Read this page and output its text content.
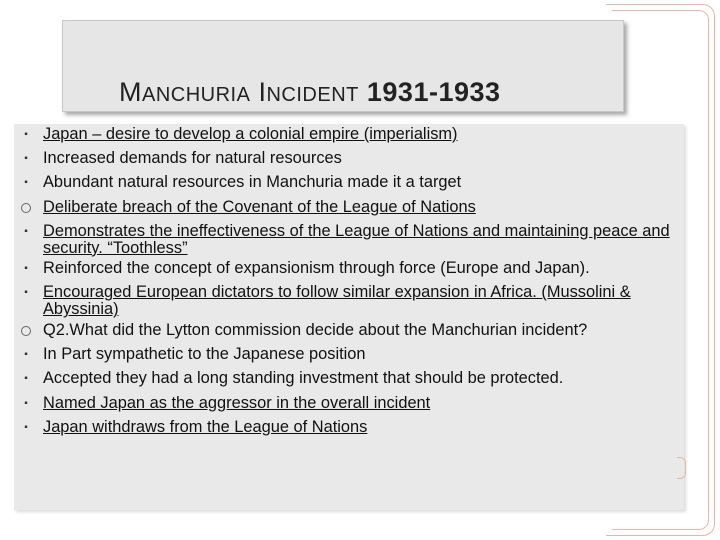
MANCHURIA INCIDENT 1931-1933
▪ Japan – desire to develop a colonial empire (imperialism)
▪ Increased demands for natural resources
▪ Abundant natural resources in Manchuria made it a target
Deliberate breach of the Covenant of the League of Nations
▪ Demonstrates the ineffectiveness of the League of Nations and maintaining peace and security. “Toothless”
▪ Reinforced the concept of expansionism through force (Europe and Japan).
▪ Encouraged European dictators to follow similar expansion in Africa. (Mussolini & Abyssinia)
Q2.What did the Lytton commission decide about the Manchurian incident?
▪ In Part sympathetic to the Japanese position
▪ Accepted they had a long standing investment that should be protected.
▪ Named Japan as the aggressor in the overall incident
▪ Japan withdraws from the League of Nations
